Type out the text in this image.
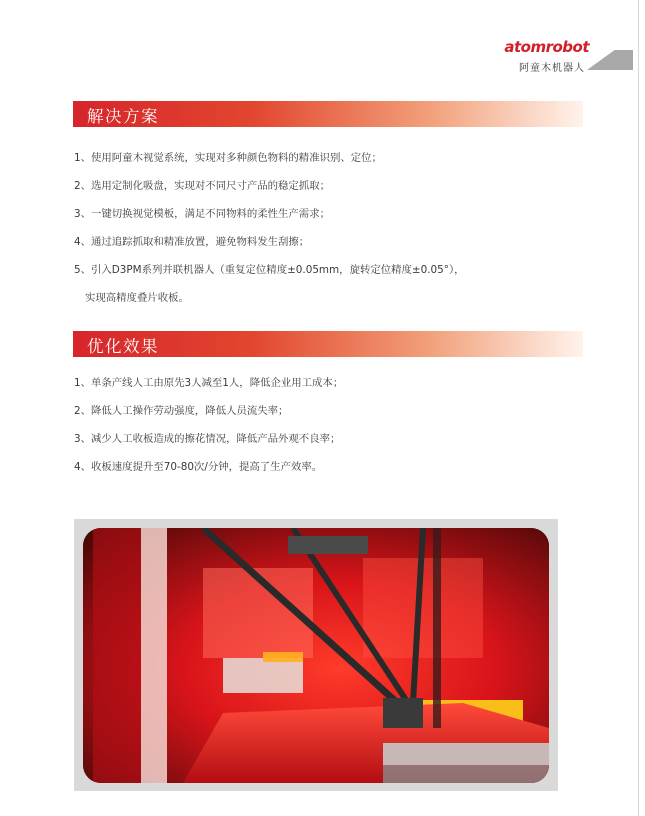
atomrobot
阿童木机器人
解决方案
1、使用阿童木视觉系统，实现对多种颜色物料的精准识别、定位；
2、选用定制化吸盘，实现对不同尺寸产品的稳定抓取；
3、一键切换视觉模板，满足不同物料的柔性生产需求；
4、通过追踪抓取和精准放置，避免物料发生刮擦；
5、引入D3PM系列并联机器人（重复定位精度±0.05mm，旋转定位精度±0.05°），
实现高精度叠片收板。
优化效果
1、单条产线人工由原先3人减至1人，降低企业用工成本；
2、降低人工操作劳动强度，降低人员流失率；
3、减少人工收板造成的擦花情况，降低产品外观不良率；
4、收板速度提升至70-80次/分钟，提高了生产效率。
